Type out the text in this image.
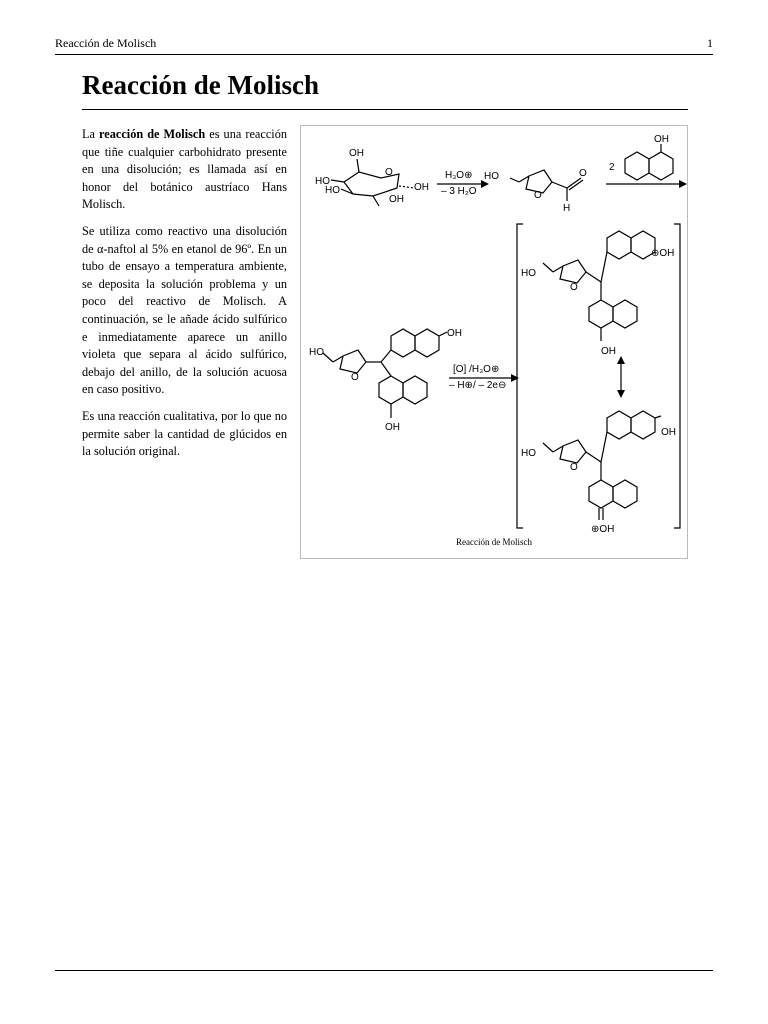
Reacción de Molisch	1
Reacción de Molisch

La reacción de Molisch es una reacción que tiñe cualquier carbohidrato presente en una disolución; es llamada así en honor del botánico austríaco Hans Molisch.

Se utiliza como reactivo una disolución de α-naftol al 5% en etanol de 96º. En un tubo de ensayo a temperatura ambiente, se deposita la solución problema y un poco del reactivo de Molisch. A continuación, se le añade ácido sulfúrico e inmediatamente aparece un anillo violeta que separa al ácido sulfúrico, debajo del anillo, de la solución acuosa en caso positivo.

Es una reacción cualitativa, por lo que no permite saber la cantidad de glúcidos en la solución original.

OH
HO
HO	OH
OH
O	H₃O⊕
– 3 H₂O
HO
O
O
H
OH
2
HO
O
OH
OH
[O] /H₃O⊕
– H⊕/ – 2e⊖
HO
O
⊕OH
OH
HO
O
OH
⊕OH
Reacción de Molisch
